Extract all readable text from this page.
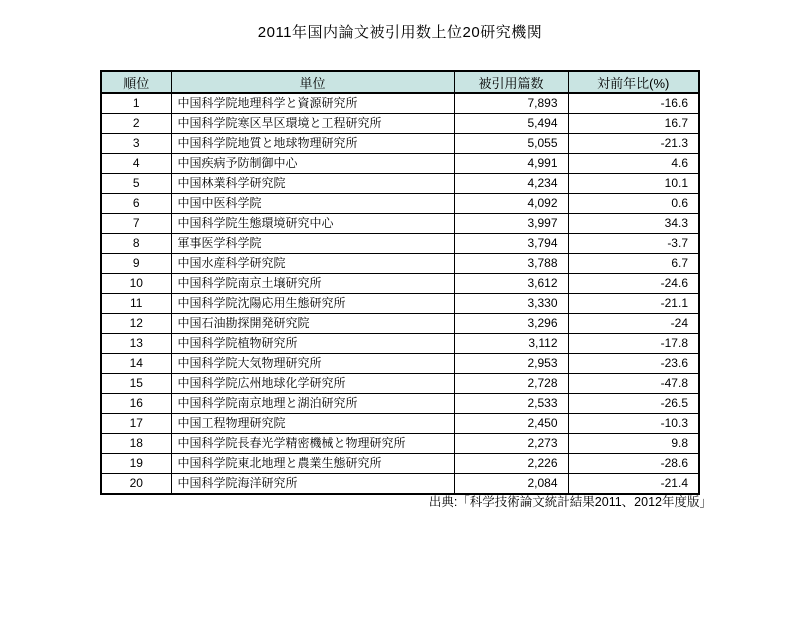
2011年国内論文被引用数上位20研究機関
順位	単位	被引用篇数	対前年比(%)
1	中国科学院地理科学と資源研究所	7,893	-16.6
2	中国科学院寒区旱区環境と工程研究所	5,494	16.7
3	中国科学院地質と地球物理研究所	5,055	-21.3
4	中国疾病予防制御中心	4,991	4.6
5	中国林業科学研究院	4,234	10.1
6	中国中医科学院	4,092	0.6
7	中国科学院生態環境研究中心	3,997	34.3
8	軍事医学科学院	3,794	-3.7
9	中国水産科学研究院	3,788	6.7
10	中国科学院南京土壌研究所	3,612	-24.6
11	中国科学院沈陽応用生態研究所	3,330	-21.1
12	中国石油勘探開発研究院	3,296	-24
13	中国科学院植物研究所	3,112	-17.8
14	中国科学院大気物理研究所	2,953	-23.6
15	中国科学院広州地球化学研究所	2,728	-47.8
16	中国科学院南京地理と湖泊研究所	2,533	-26.5
17	中国工程物理研究院	2,450	-10.3
18	中国科学院長春光学精密機械と物理研究所	2,273	9.8
19	中国科学院東北地理と農業生態研究所	2,226	-28.6
20	中国科学院海洋研究所	2,084	-21.4
出典:「科学技術論文統計結果2011、2012年度版」
